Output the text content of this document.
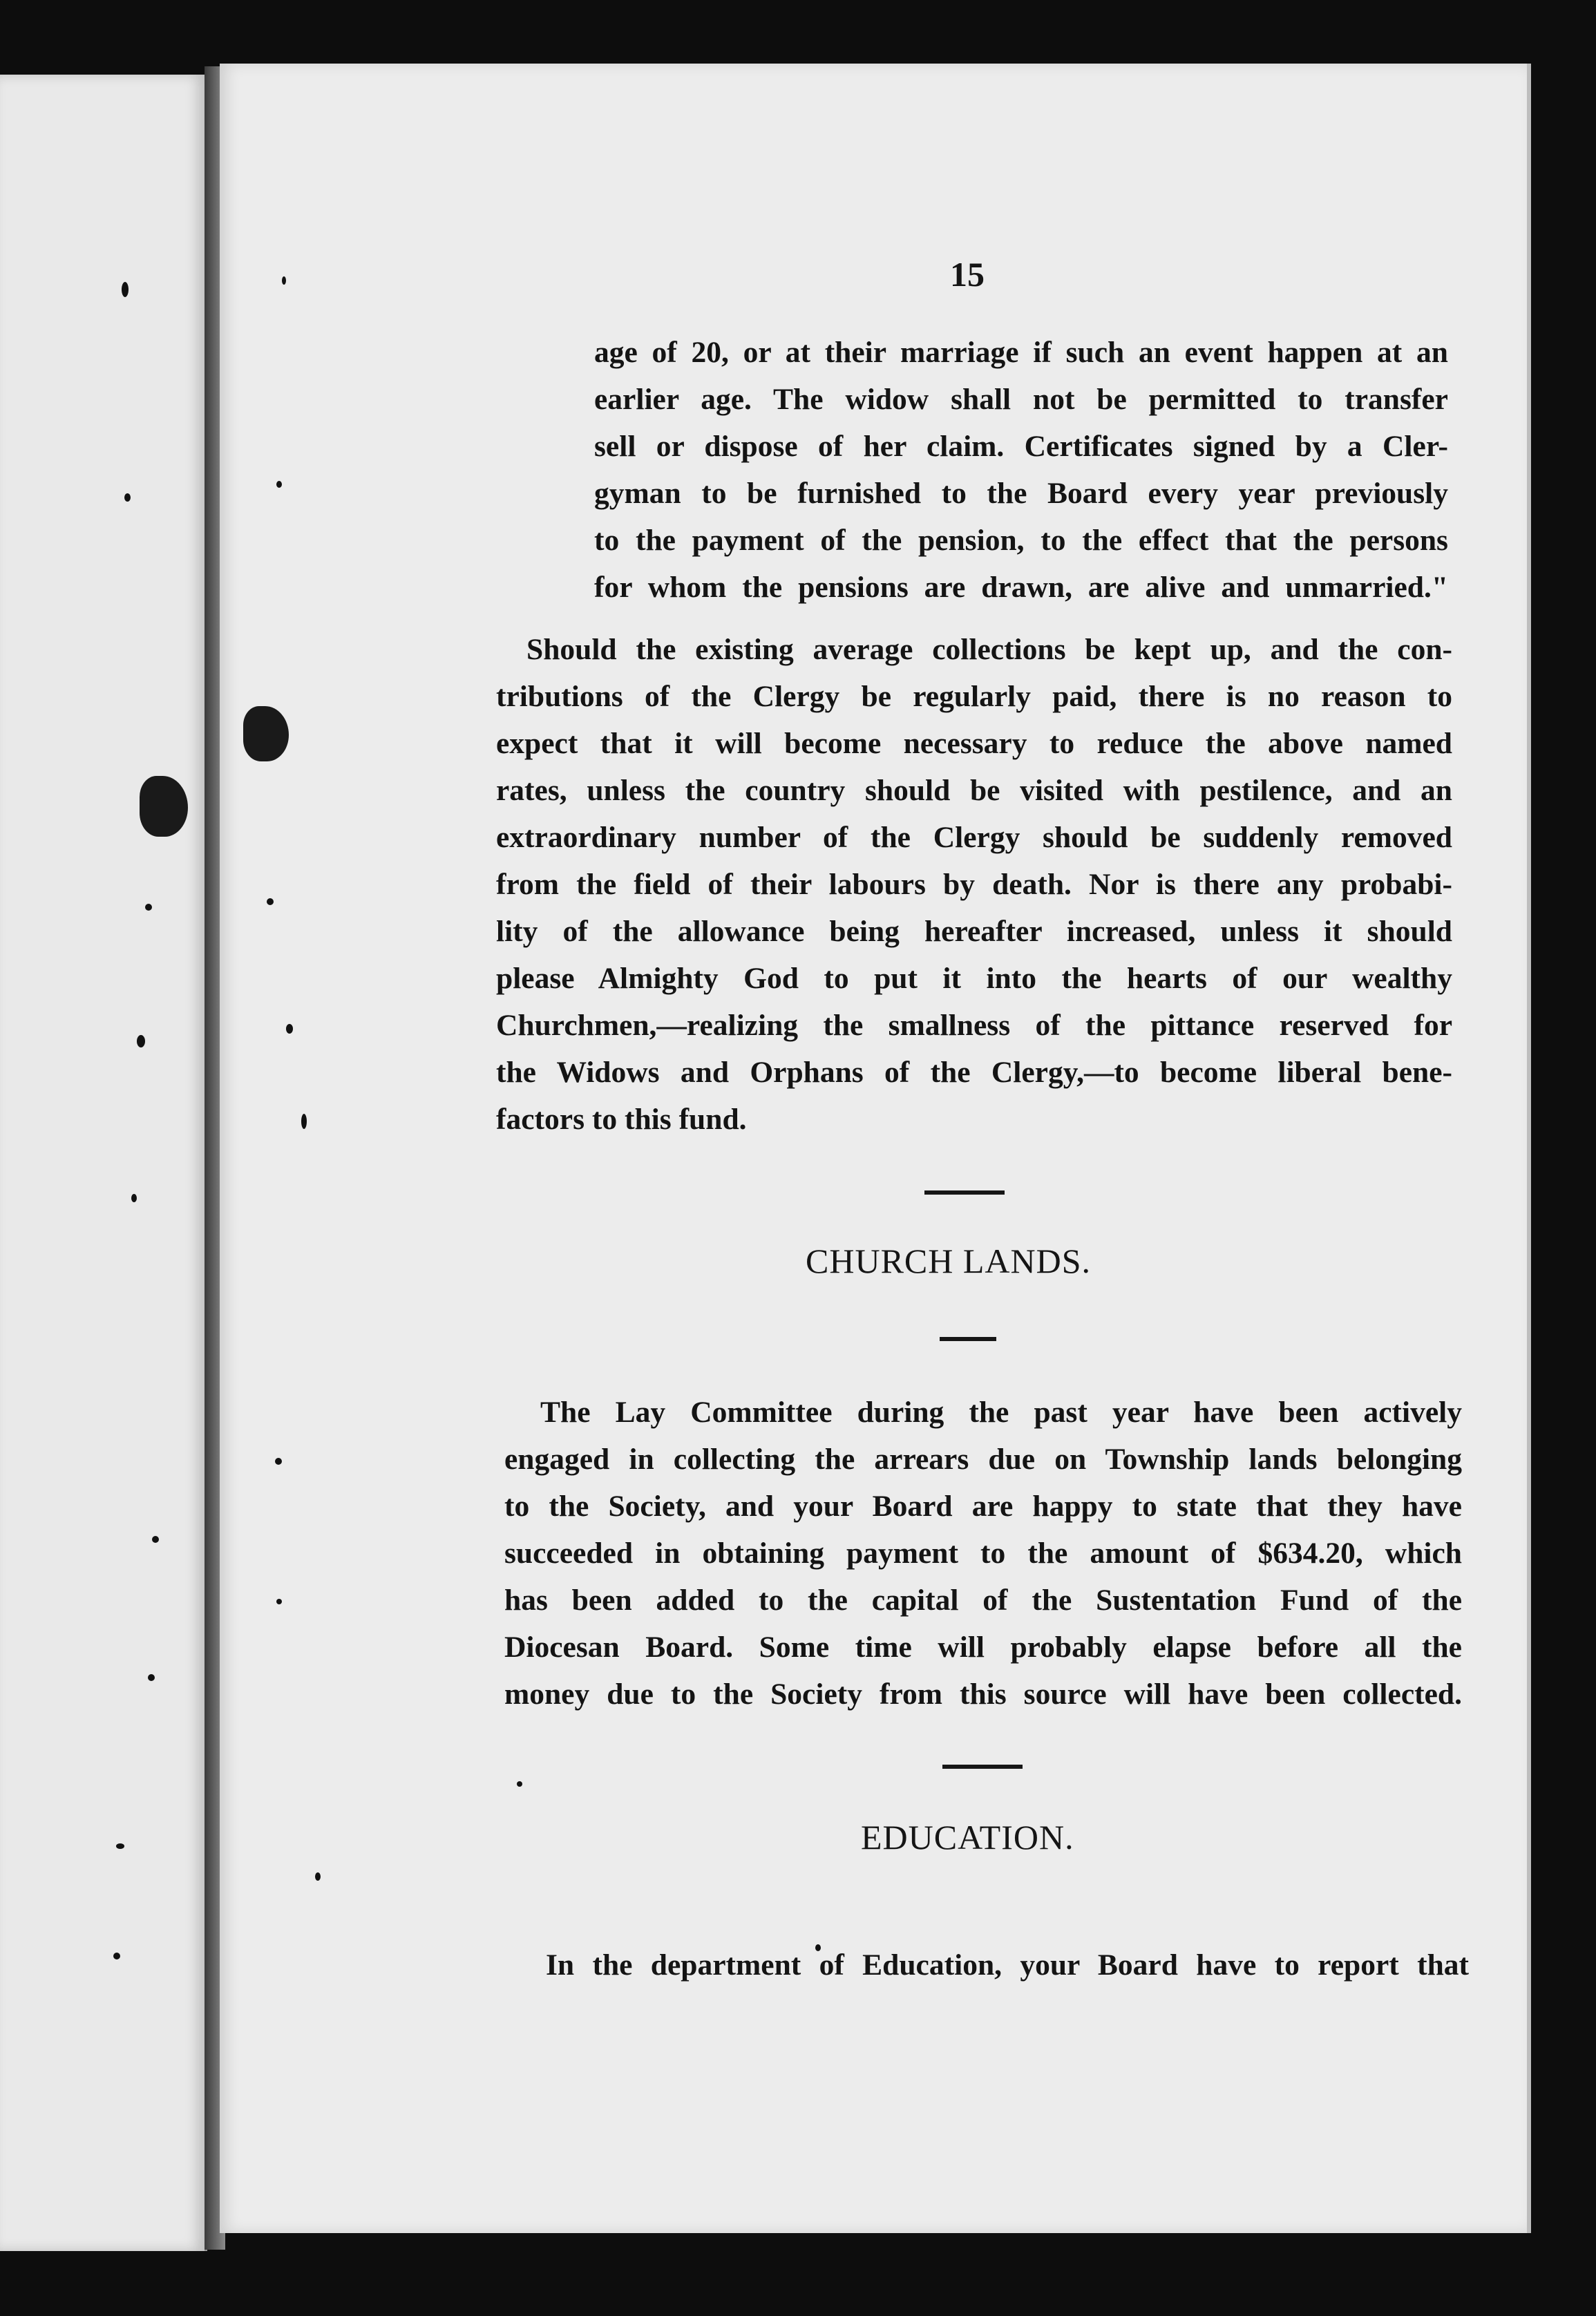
15

age of 20, or at their marriage if such an event happen at an
earlier age. The widow shall not be permitted to transfer
sell or dispose of her claim. Certificates signed by a Cler-
gyman to be furnished to the Board every year previously
to the payment of the pension, to the effect that the persons
for whom the pensions are drawn, are alive and unmarried."

Should the existing average collections be kept up, and the con-
tributions of the Clergy be regularly paid, there is no reason to
expect that it will become necessary to reduce the above named
rates, unless the country should be visited with pestilence, and an
extraordinary number of the Clergy should be suddenly removed
from the field of their labours by death. Nor is there any probabi-
lity of the allowance being hereafter increased, unless it should
please Almighty God to put it into the hearts of our wealthy
Churchmen,—realizing the smallness of the pittance reserved for
the Widows and Orphans of the Clergy,—to become liberal bene-
factors to this fund.

CHURCH LANDS.

The Lay Committee during the past year have been actively
engaged in collecting the arrears due on Township lands belonging
to the Society, and your Board are happy to state that they have
succeeded in obtaining payment to the amount of $634.20, which
has been added to the capital of the Sustentation Fund of the
Diocesan Board. Some time will probably elapse before all the
money due to the Society from this source will have been collected.

EDUCATION.

In the department of Education, your Board have to report that
